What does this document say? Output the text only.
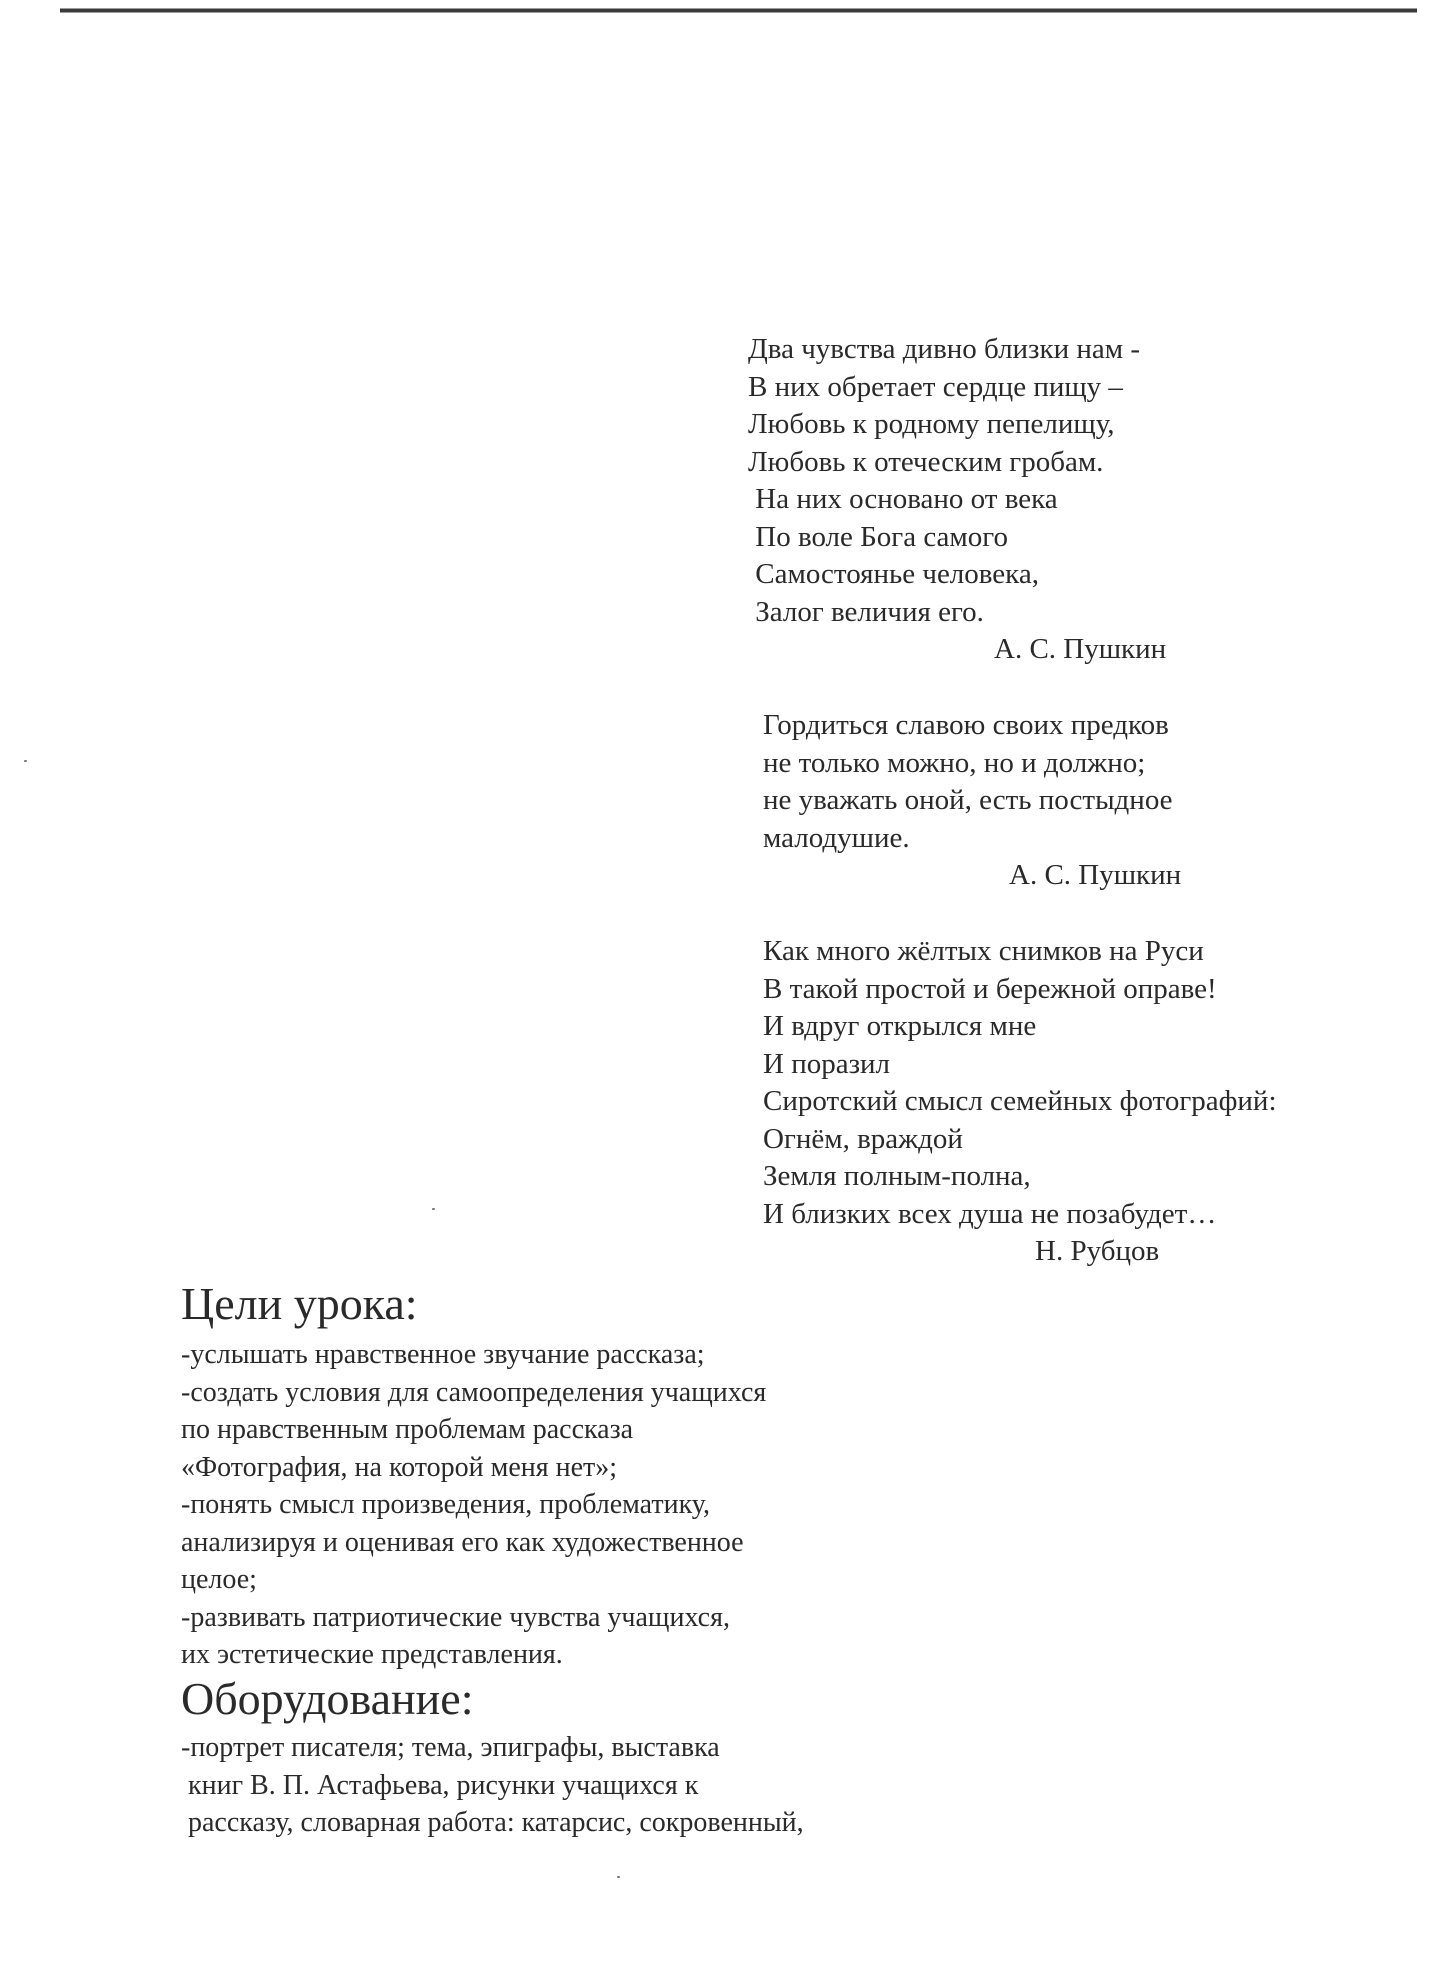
Два чувства дивно близки нам -
В них обретает сердце пищу –
Любовь к родному пепелищу,
Любовь к отеческим гробам.
На них основано от века
По воле Бога самого
Самостоянье человека,
Залог величия его.
А. С. Пушкин
Гордиться славою своих предков
не только можно, но и должно;
не уважать оной, есть постыдное
малодушие.
А. С. Пушкин
Как много жёлтых снимков на Руси
В такой простой и бережной оправе!
И вдруг открылся мне
И поразил
Сиротский смысл семейных фотографий:
Огнём, враждой
Земля полным-полна,
И близких всех душа не позабудет…
Н. Рубцов
Цели урока:
-услышать нравственное звучание рассказа;
-создать условия для самоопределения учащихся
по нравственным проблемам рассказа
«Фотография, на которой меня нет»;
-понять смысл произведения, проблематику,
анализируя и оценивая его как художественное
целое;
-развивать патриотические чувства учащихся,
их эстетические представления.
Оборудование:
-портрет писателя; тема, эпиграфы, выставка
книг В. П. Астафьева, рисунки учащихся к
рассказу, словарная работа: катарсис, сокровенный,
